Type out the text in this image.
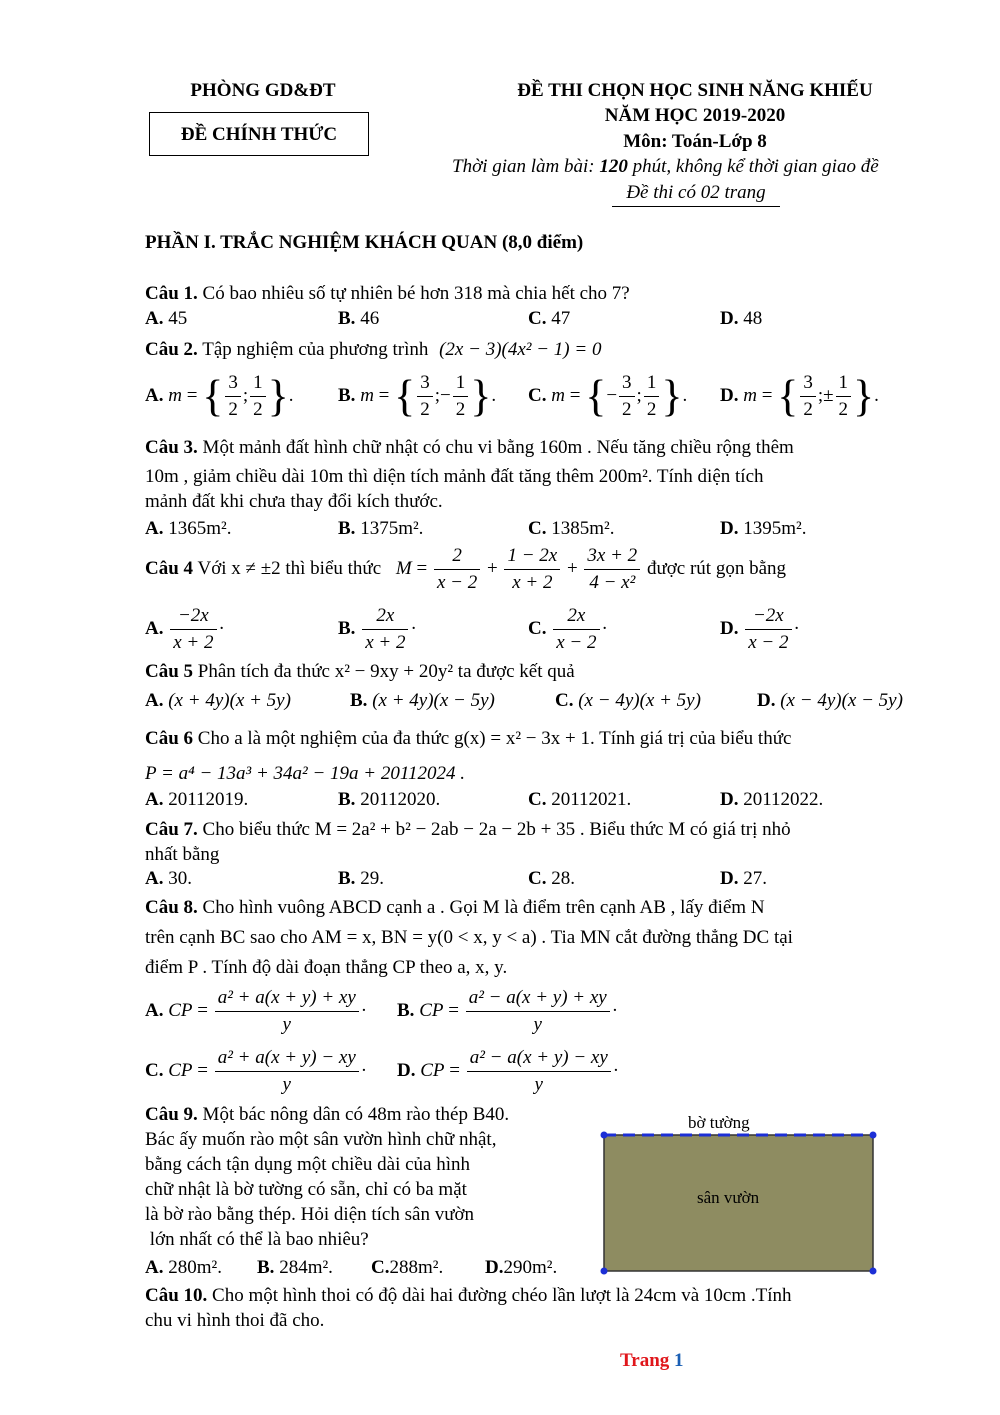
PHÒNG GD&ĐT
ĐỀ CHÍNH THỨC
ĐỀ THI CHỌN HỌC SINH NĂNG KHIẾU
NĂM HỌC 2019-2020
Môn: Toán-Lớp 8
Thời gian làm bài: 120 phút, không kể thời gian giao đề
Đề thi có 02 trang
PHẦN I. TRẮC NGHIỆM KHÁCH QUAN (8,0 điểm)
Câu 1. Có bao nhiêu số tự nhiên bé hơn 318 mà chia hết cho 7?
A. 45	B. 46	C. 47	D. 48
Câu 2. Tập nghiệm của phương trình (2x − 3)(4x² − 1) = 0
A. m = { $\frac{3}{2}$ ; $\frac{1}{2}$ }. B. m = { $\frac{3}{2}$ ;− $\frac{1}{2}$ }. C. m = {− $\frac{3}{2}$ ; $\frac{1}{2}$ }. D. m = { $\frac{3}{2}$ ;± $\frac{1}{2}$ }.
Câu 3. Một mảnh đất hình chữ nhật có chu vi bằng 160m . Nếu tăng chiều rộng thêm
10m , giảm chiều dài 10m thì diện tích mảnh đất tăng thêm 200m². Tính diện tích
mảnh đất khi chưa thay đổi kích thước.
A. 1365m².	B. 1375m².	C. 1385m².	D. 1395m².
Câu 4 Với x ≠ ±2 thì biểu thức $M = \frac{2}{x - 2} + \frac{1 - 2x}{x + 2} + \frac{3x + 2}{\text{4 − x²}}$ được rút gọn bằng
A. $\frac{-2x}{x + 2}$ ·	B. $\frac{2x}{x + 2}$ ·	C. $\frac{2x}{x - 2}$ ·	D. $\frac{-2x}{x - 2}$ ·
Câu 5 Phân tích đa thức x² − 9xy + 20y² ta được kết quả
A. (x + 4y)(x + 5y)	B. (x + 4y)(x − 5y)	C. (x − 4y)(x + 5y)	D. (x − 4y)(x − 5y)
Câu 6 Cho a là một nghiệm của đa thức g(x) = x² − 3x + 1. Tính giá trị của biểu thức
P = a⁴ − 13a³ + 34a² − 19a + 20112024 .
A. 20112019.	B. 20112020.	C. 20112021.	D. 20112022.
Câu 7. Cho biểu thức M = 2a² + b² − 2ab − 2a − 2b + 35 . Biểu thức M có giá trị nhỏ
nhất bằng
A. 30.	B. 29.	C. 28.	D. 27.
Câu 8. Cho hình vuông ABCD cạnh a . Gọi M là điểm trên cạnh AB , lấy điểm N
trên cạnh BC sao cho AM = x, BN = y(0 < x, y < a) . Tia MN cắt đường thẳng DC tại
điểm P . Tính độ dài đoạn thẳng CP theo a, x, y.
A. CP = $\frac{\text{a² + a(x + y) + xy}}{y} \cdot B$. CP = $\frac{\text{a² − a(x + y) + xy}}{y}$ ·
C. CP = $\frac{\text{a² + a(x + y) − xy}}{y} \cdot D$. CP = $\frac{\text{a² − a(x + y) − xy}}{y}$ ·
Câu 9. Một bác nông dân có 48m rào thép B40.
Bác ấy muốn rào một sân vườn hình chữ nhật,
bằng cách tận dụng một chiều dài của hình
chữ nhật là bờ tường có sẵn, chỉ có ba mặt
là bờ rào bằng thép. Hỏi diện tích sân vườn
lớn nhất có thể là bao nhiêu?
A. 280m². B. 284m². C.288m². D.290m².
bờ tường
sân vườn
Câu 10. Cho một hình thoi có độ dài hai đường chéo lần lượt là 24cm và 10cm .Tính
chu vi hình thoi đã cho.
Trang 1
